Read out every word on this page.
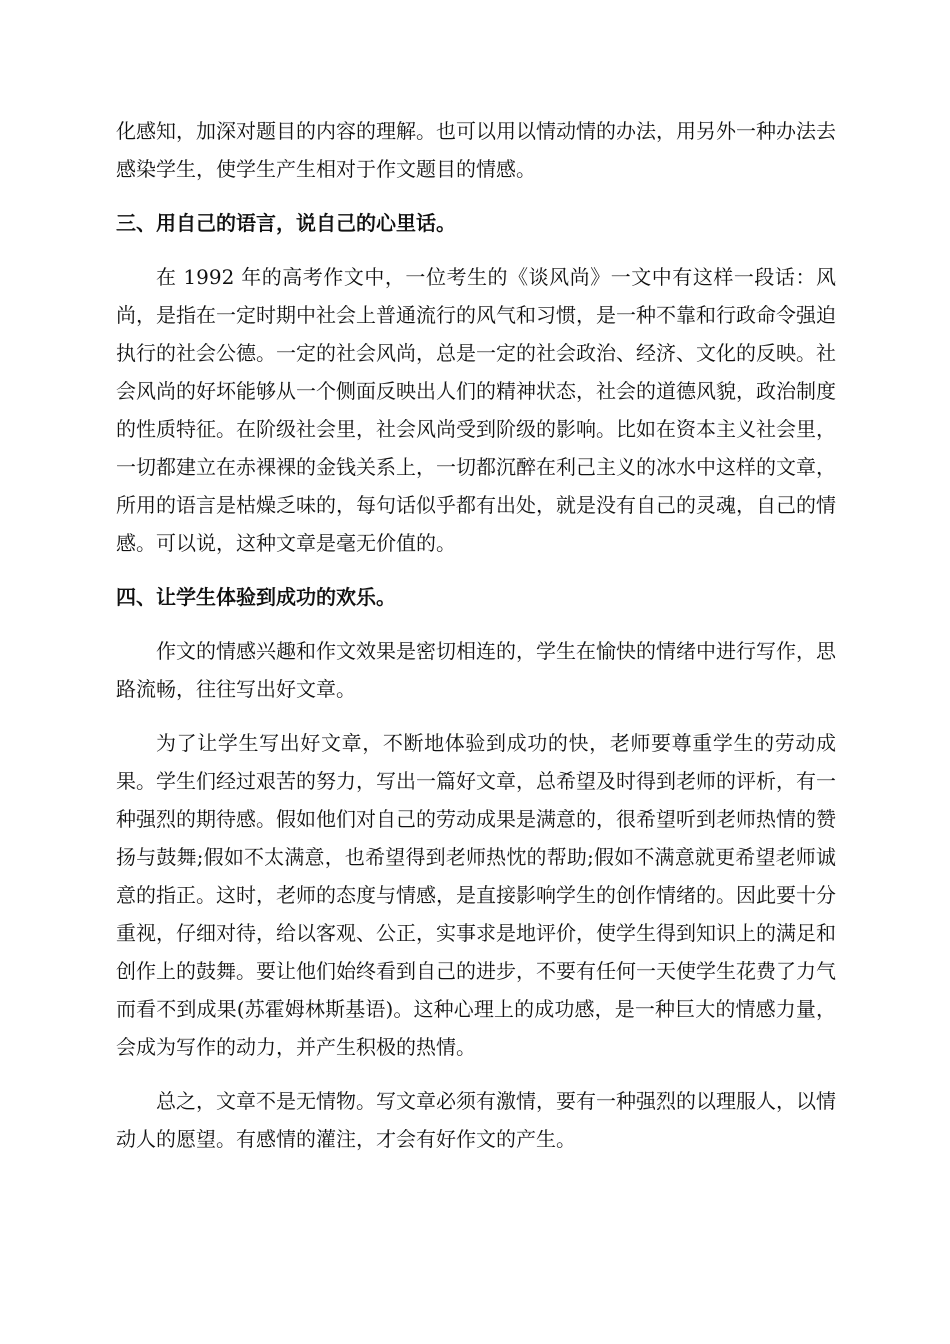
化感知，加深对题目的内容的理解。也可以用以情动情的办法，用另外一种办法去感染学生，使学生产生相对于作文题目的情感。

三、用自己的语言，说自己的心里话。

在 1992 年的高考作文中，一位考生的《谈风尚》一文中有这样一段话：风尚，是指在一定时期中社会上普通流行的风气和习惯，是一种不靠和行政命令强迫执行的社会公德。一定的社会风尚，总是一定的社会政治、经济、文化的反映。社会风尚的好坏能够从一个侧面反映出人们的精神状态，社会的道德风貌，政治制度的性质特征。在阶级社会里，社会风尚受到阶级的影响。比如在资本主义社会里，一切都建立在赤裸裸的金钱关系上，一切都沉醉在利己主义的冰水中这样的文章，所用的语言是枯燥乏味的，每句话似乎都有出处，就是没有自己的灵魂，自己的情感。可以说，这种文章是毫无价值的。

四、让学生体验到成功的欢乐。

作文的情感兴趣和作文效果是密切相连的，学生在愉快的情绪中进行写作，思路流畅，往往写出好文章。

为了让学生写出好文章，不断地体验到成功的快，老师要尊重学生的劳动成果。学生们经过艰苦的努力，写出一篇好文章，总希望及时得到老师的评析，有一种强烈的期待感。假如他们对自己的劳动成果是满意的，很希望听到老师热情的赞扬与鼓舞;假如不太满意，也希望得到老师热忱的帮助;假如不满意就更希望老师诚意的指正。这时，老师的态度与情感，是直接影响学生的创作情绪的。因此要十分重视，仔细对待，给以客观、公正，实事求是地评价，使学生得到知识上的满足和创作上的鼓舞。要让他们始终看到自己的进步，不要有任何一天使学生花费了力气而看不到成果(苏霍姆林斯基语)。这种心理上的成功感，是一种巨大的情感力量，会成为写作的动力，并产生积极的热情。

总之，文章不是无情物。写文章必须有激情，要有一种强烈的以理服人，以情动人的愿望。有感情的灌注，才会有好作文的产生。
